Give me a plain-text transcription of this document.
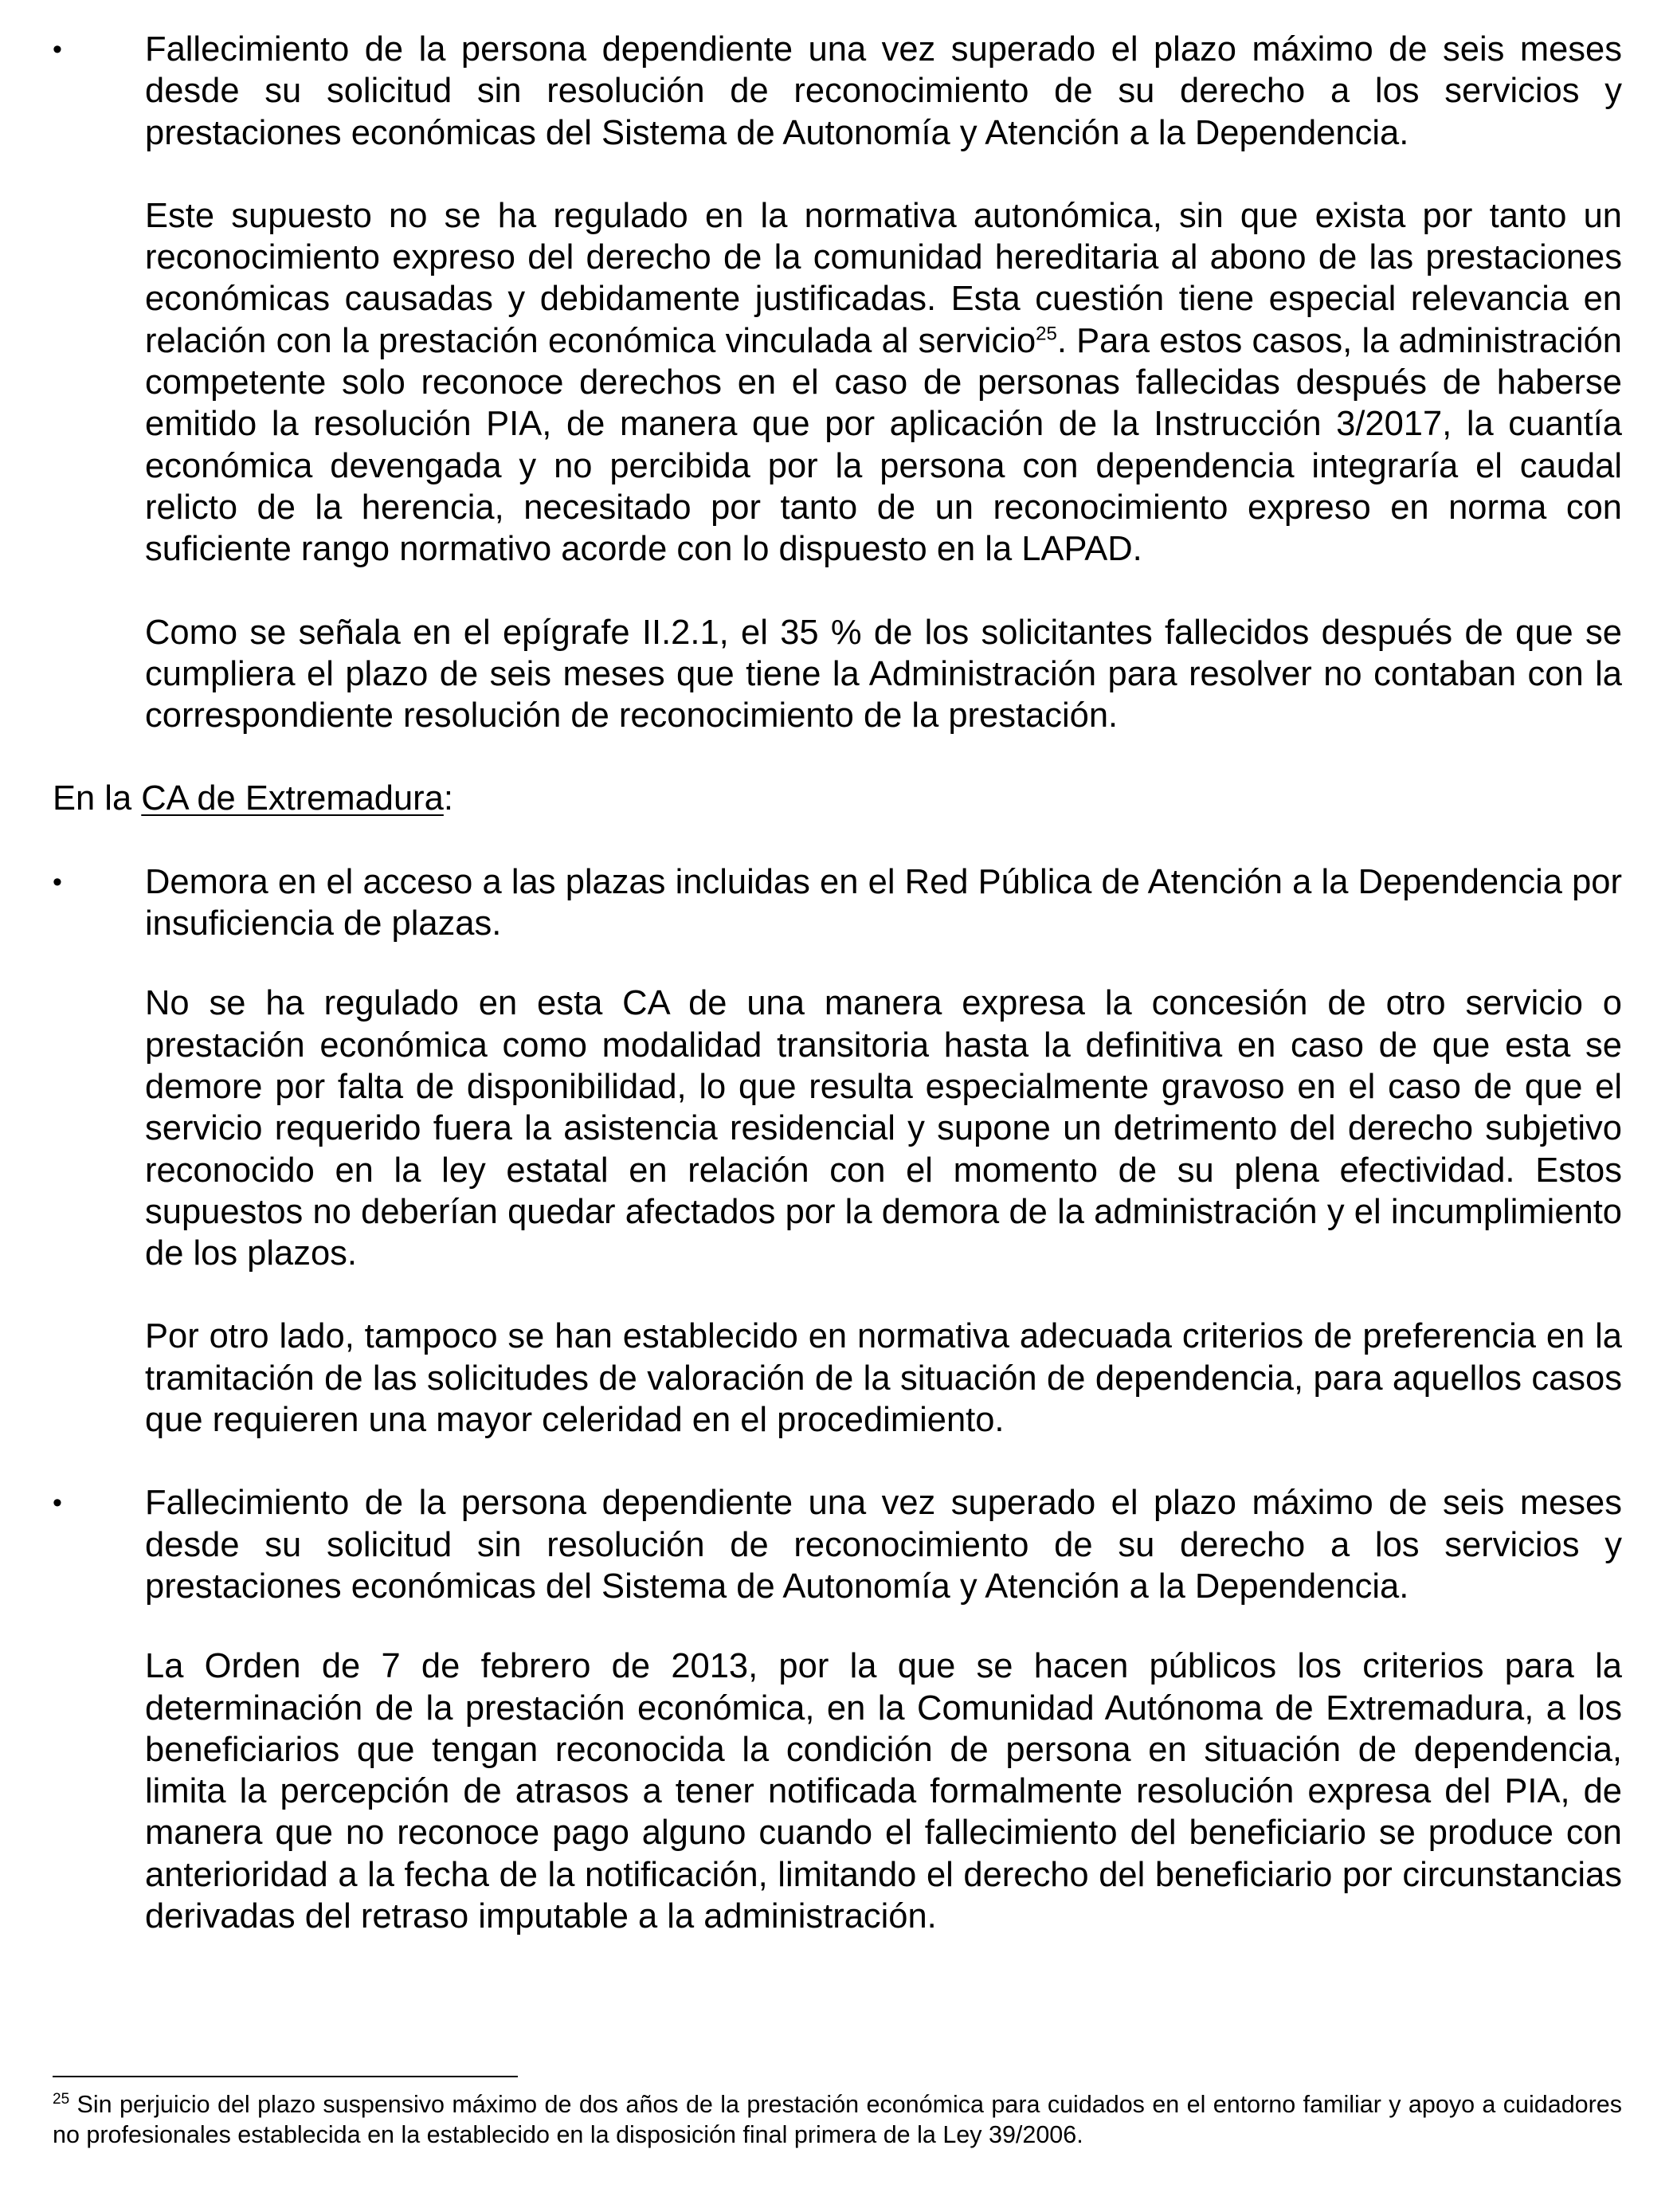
•	Fallecimiento de la persona dependiente una vez superado el plazo máximo de seis meses desde su solicitud sin resolución de reconocimiento de su derecho a los servicios y prestaciones económicas del Sistema de Autonomía y Atención a la Dependencia.
Este supuesto no se ha regulado en la normativa autonómica, sin que exista por tanto un reconocimiento expreso del derecho de la comunidad hereditaria al abono de las prestaciones económicas causadas y debidamente justificadas. Esta cuestión tiene especial relevancia en relación con la prestación económica vinculada al servicio$^{25}$. Para estos casos, la administración competente solo reconoce derechos en el caso de personas fallecidas después de haberse emitido la resolución PIA, de manera que por aplicación de la Instrucción 3/2017, la cuantía económica devengada y no percibida por la persona con dependencia integraría el caudal relicto de la herencia, necesitado por tanto de un reconocimiento expreso en norma con suficiente rango normativo acorde con lo dispuesto en la LAPAD.
Como se señala en el epígrafe II.2.1, el 35 % de los solicitantes fallecidos después de que se cumpliera el plazo de seis meses que tiene la Administración para resolver no contaban con la correspondiente resolución de reconocimiento de la prestación.
En la CA de Extremadura:
•	Demora en el acceso a las plazas incluidas en el Red Pública de Atención a la Dependencia por insuficiencia de plazas.
No se ha regulado en esta CA de una manera expresa la concesión de otro servicio o prestación económica como modalidad transitoria hasta la definitiva en caso de que esta se demore por falta de disponibilidad, lo que resulta especialmente gravoso en el caso de que el servicio requerido fuera la asistencia residencial y supone un detrimento del derecho subjetivo reconocido en la ley estatal en relación con el momento de su plena efectividad. Estos supuestos no deberían quedar afectados por la demora de la administración y el incumplimiento de los plazos.
Por otro lado, tampoco se han establecido en normativa adecuada criterios de preferencia en la tramitación de las solicitudes de valoración de la situación de dependencia, para aquellos casos que requieren una mayor celeridad en el procedimiento.
•	Fallecimiento de la persona dependiente una vez superado el plazo máximo de seis meses desde su solicitud sin resolución de reconocimiento de su derecho a los servicios y prestaciones económicas del Sistema de Autonomía y Atención a la Dependencia.
La Orden de 7 de febrero de 2013, por la que se hacen públicos los criterios para la determinación de la prestación económica, en la Comunidad Autónoma de Extremadura, a los beneficiarios que tengan reconocida la condición de persona en situación de dependencia, limita la percepción de atrasos a tener notificada formalmente resolución expresa del PIA, de manera que no reconoce pago alguno cuando el fallecimiento del beneficiario se produce con anterioridad a la fecha de la notificación, limitando el derecho del beneficiario por circunstancias derivadas del retraso imputable a la administración.
$^{25}$ Sin perjuicio del plazo suspensivo máximo de dos años de la prestación económica para cuidados en el entorno familiar y apoyo a cuidadores no profesionales establecida en la establecido en la disposición final primera de la Ley 39/2006.
